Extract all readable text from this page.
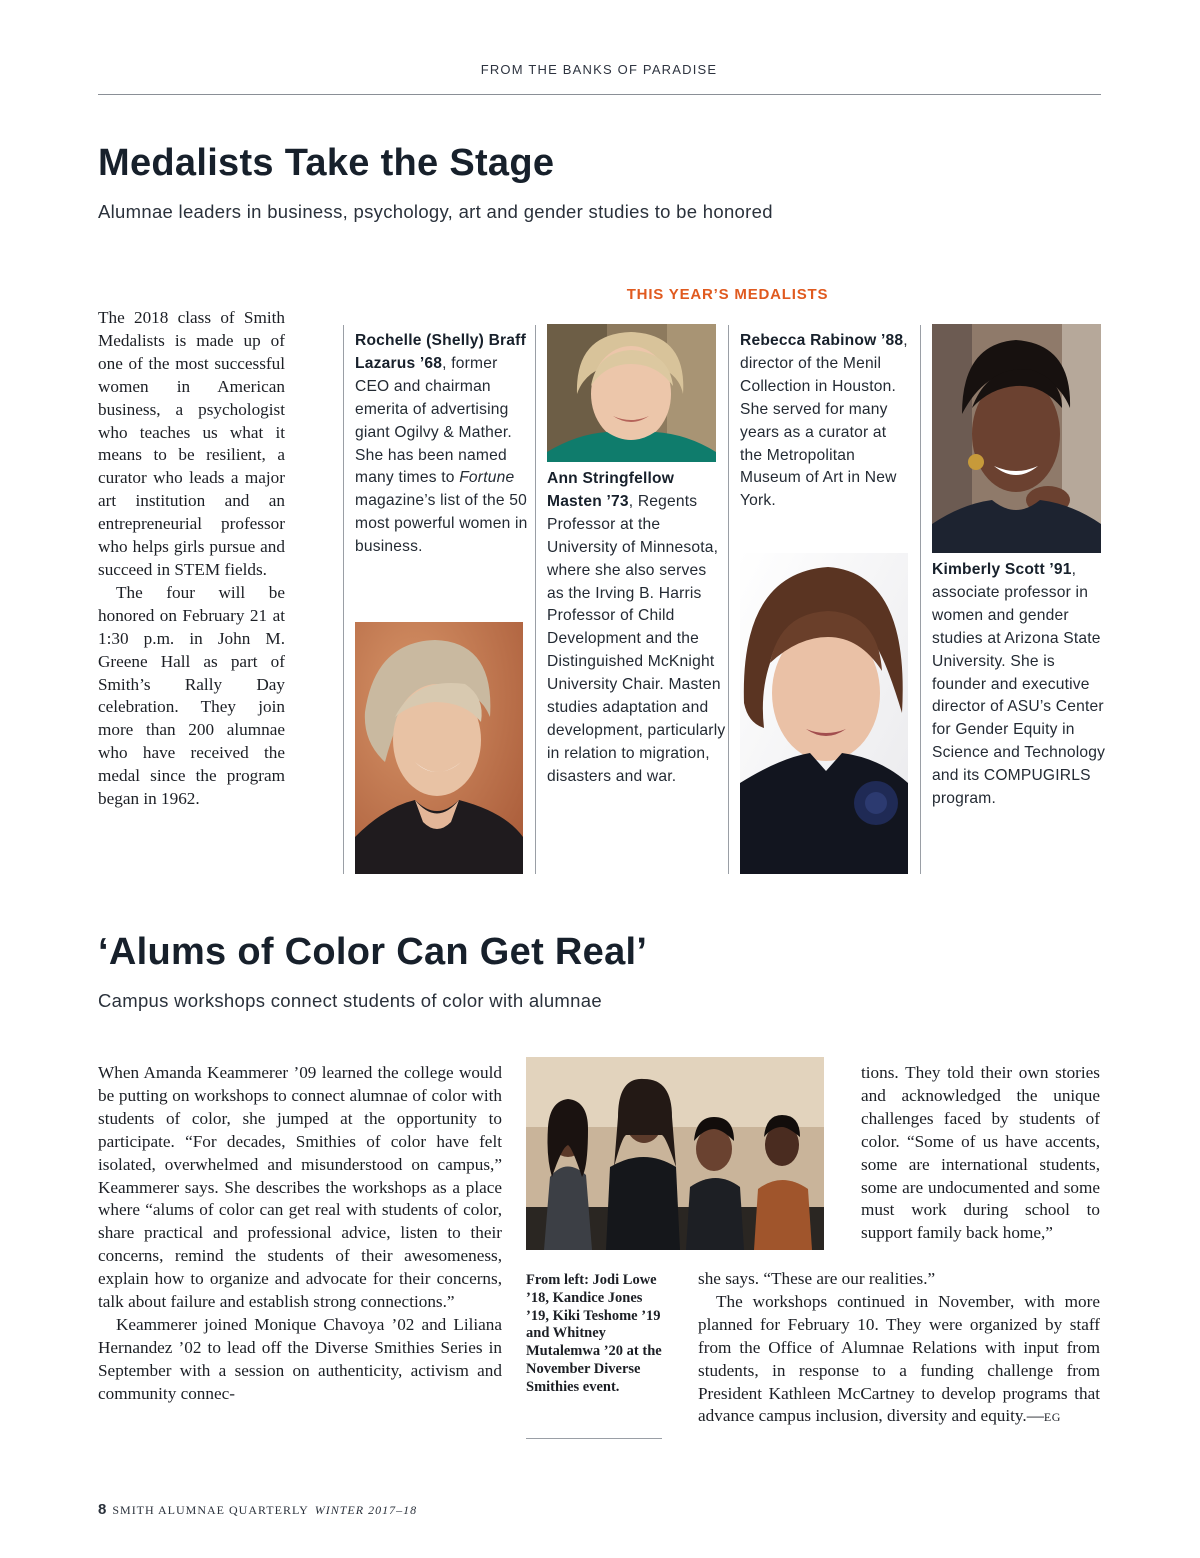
FROM THE BANKS OF PARADISE
Medalists Take the Stage
Alumnae leaders in business, psychology, art and gender studies to be honored
THIS YEAR’S MEDALISTS

The 2018 class of Smith Medalists is made up of one of the most successful women in American business, a psychologist who teaches us what it means to be resilient, a curator who leads a major art institution and an entrepreneurial professor who helps girls pursue and succeed in STEM fields.

The four will be honored on February 21 at 1:30 p.m. in John M. Greene Hall as part of Smith’s Rally Day celebration. They join more than 200 alumnae who have received the medal since the program began in 1962.

Rochelle (Shelly) Braff Lazarus ’68, former CEO and chairman emerita of advertising giant Ogilvy & Mather. She has been named many times to Fortune magazine’s list of the 50 most powerful women in business.

Ann Stringfellow Masten ’73, Regents Professor at the University of Minnesota, where she also serves as the Irving B. Harris Professor of Child Development and the Distinguished McKnight University Chair. Masten studies adaptation and development, particularly in relation to migration, disasters and war.

Rebecca Rabinow ’88, director of the Menil Collection in Houston. She served for many years as a curator at the Metropolitan Museum of Art in New York.

Kimberly Scott ’91, associate professor in women and gender studies at Arizona State University. She is founder and executive director of ASU’s Center for Gender Equity in Science and Technology and its COMPUGIRLS program.

‘Alums of Color Can Get Real’
Campus workshops connect students of color with alumnae

When Amanda Keammerer ’09 learned the college would be putting on workshops to connect alumnae of color with students of color, she jumped at the opportunity to participate. “For decades, Smithies of color have felt isolated, overwhelmed and misunderstood on campus,” Keammerer says. She describes the workshops as a place where “alums of color can get real with students of color, share practical and professional advice, listen to their concerns, remind the students of their awesomeness, explain how to organize and advocate for their concerns, talk about failure and establish strong connections.”

Keammerer joined Monique Chavoya ’02 and Liliana Hernandez ’02 to lead off the Diverse Smithies Series in September with a session on authenticity, activism and community connec-

From left: Jodi Lowe ’18, Kandice Jones ’19, Kiki Teshome ’19 and Whitney Mutalemwa ’20 at the November Diverse Smithies event.

tions. They told their own stories and acknowledged the unique challenges faced by students of color. “Some of us have accents, some are international students, some are undocumented and some must work during school to support family back home,”

she says. “These are our realities.”

The workshops continued in November, with more planned for February 10. They were organized by staff from the Office of Alumnae Relations with input from students, in response to a funding challenge from President Kathleen McCartney to develop programs that advance campus inclusion, diversity and equity.—EG

8 SMITH ALUMNAE QUARTERLY WINTER 2017–18
